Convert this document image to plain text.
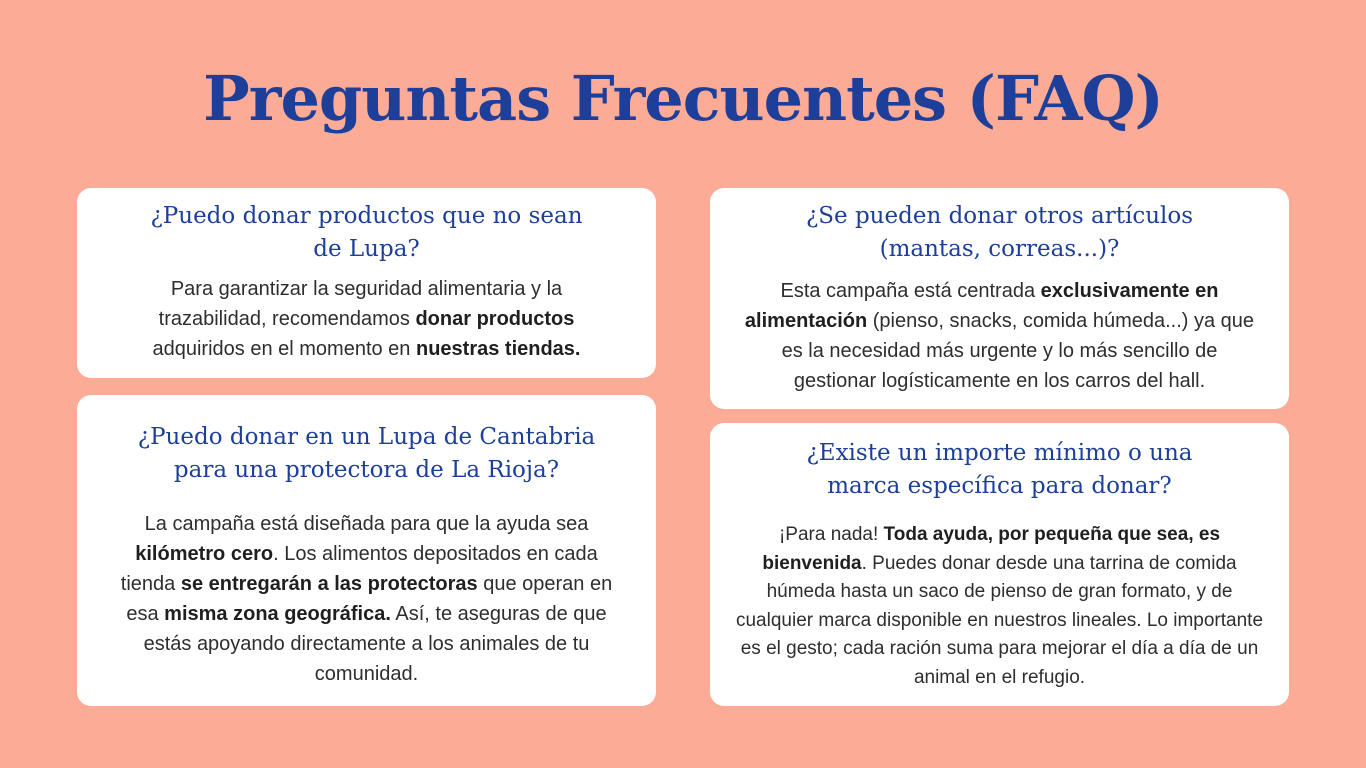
Preguntas Frecuentes (FAQ)
¿Puedo donar productos que no sean de Lupa?

Para garantizar la seguridad alimentaria y la trazabilidad, recomendamos donar productos adquiridos en el momento en nuestras tiendas.

¿Se pueden donar otros artículos (mantas, correas...)?

Esta campaña está centrada exclusivamente en alimentación (pienso, snacks, comida húmeda...) ya que es la necesidad más urgente y lo más sencillo de gestionar logísticamente en los carros del hall.

¿Puedo donar en un Lupa de Cantabria para una protectora de La Rioja?

La campaña está diseñada para que la ayuda sea kilómetro cero. Los alimentos depositados en cada tienda se entregarán a las protectoras que operan en esa misma zona geográfica. Así, te aseguras de que estás apoyando directamente a los animales de tu comunidad.

¿Existe un importe mínimo o una marca específica para donar?

¡Para nada! Toda ayuda, por pequeña que sea, es bienvenida. Puedes donar desde una tarrina de comida húmeda hasta un saco de pienso de gran formato, y de cualquier marca disponible en nuestros lineales. Lo importante es el gesto; cada ración suma para mejorar el día a día de un animal en el refugio.
